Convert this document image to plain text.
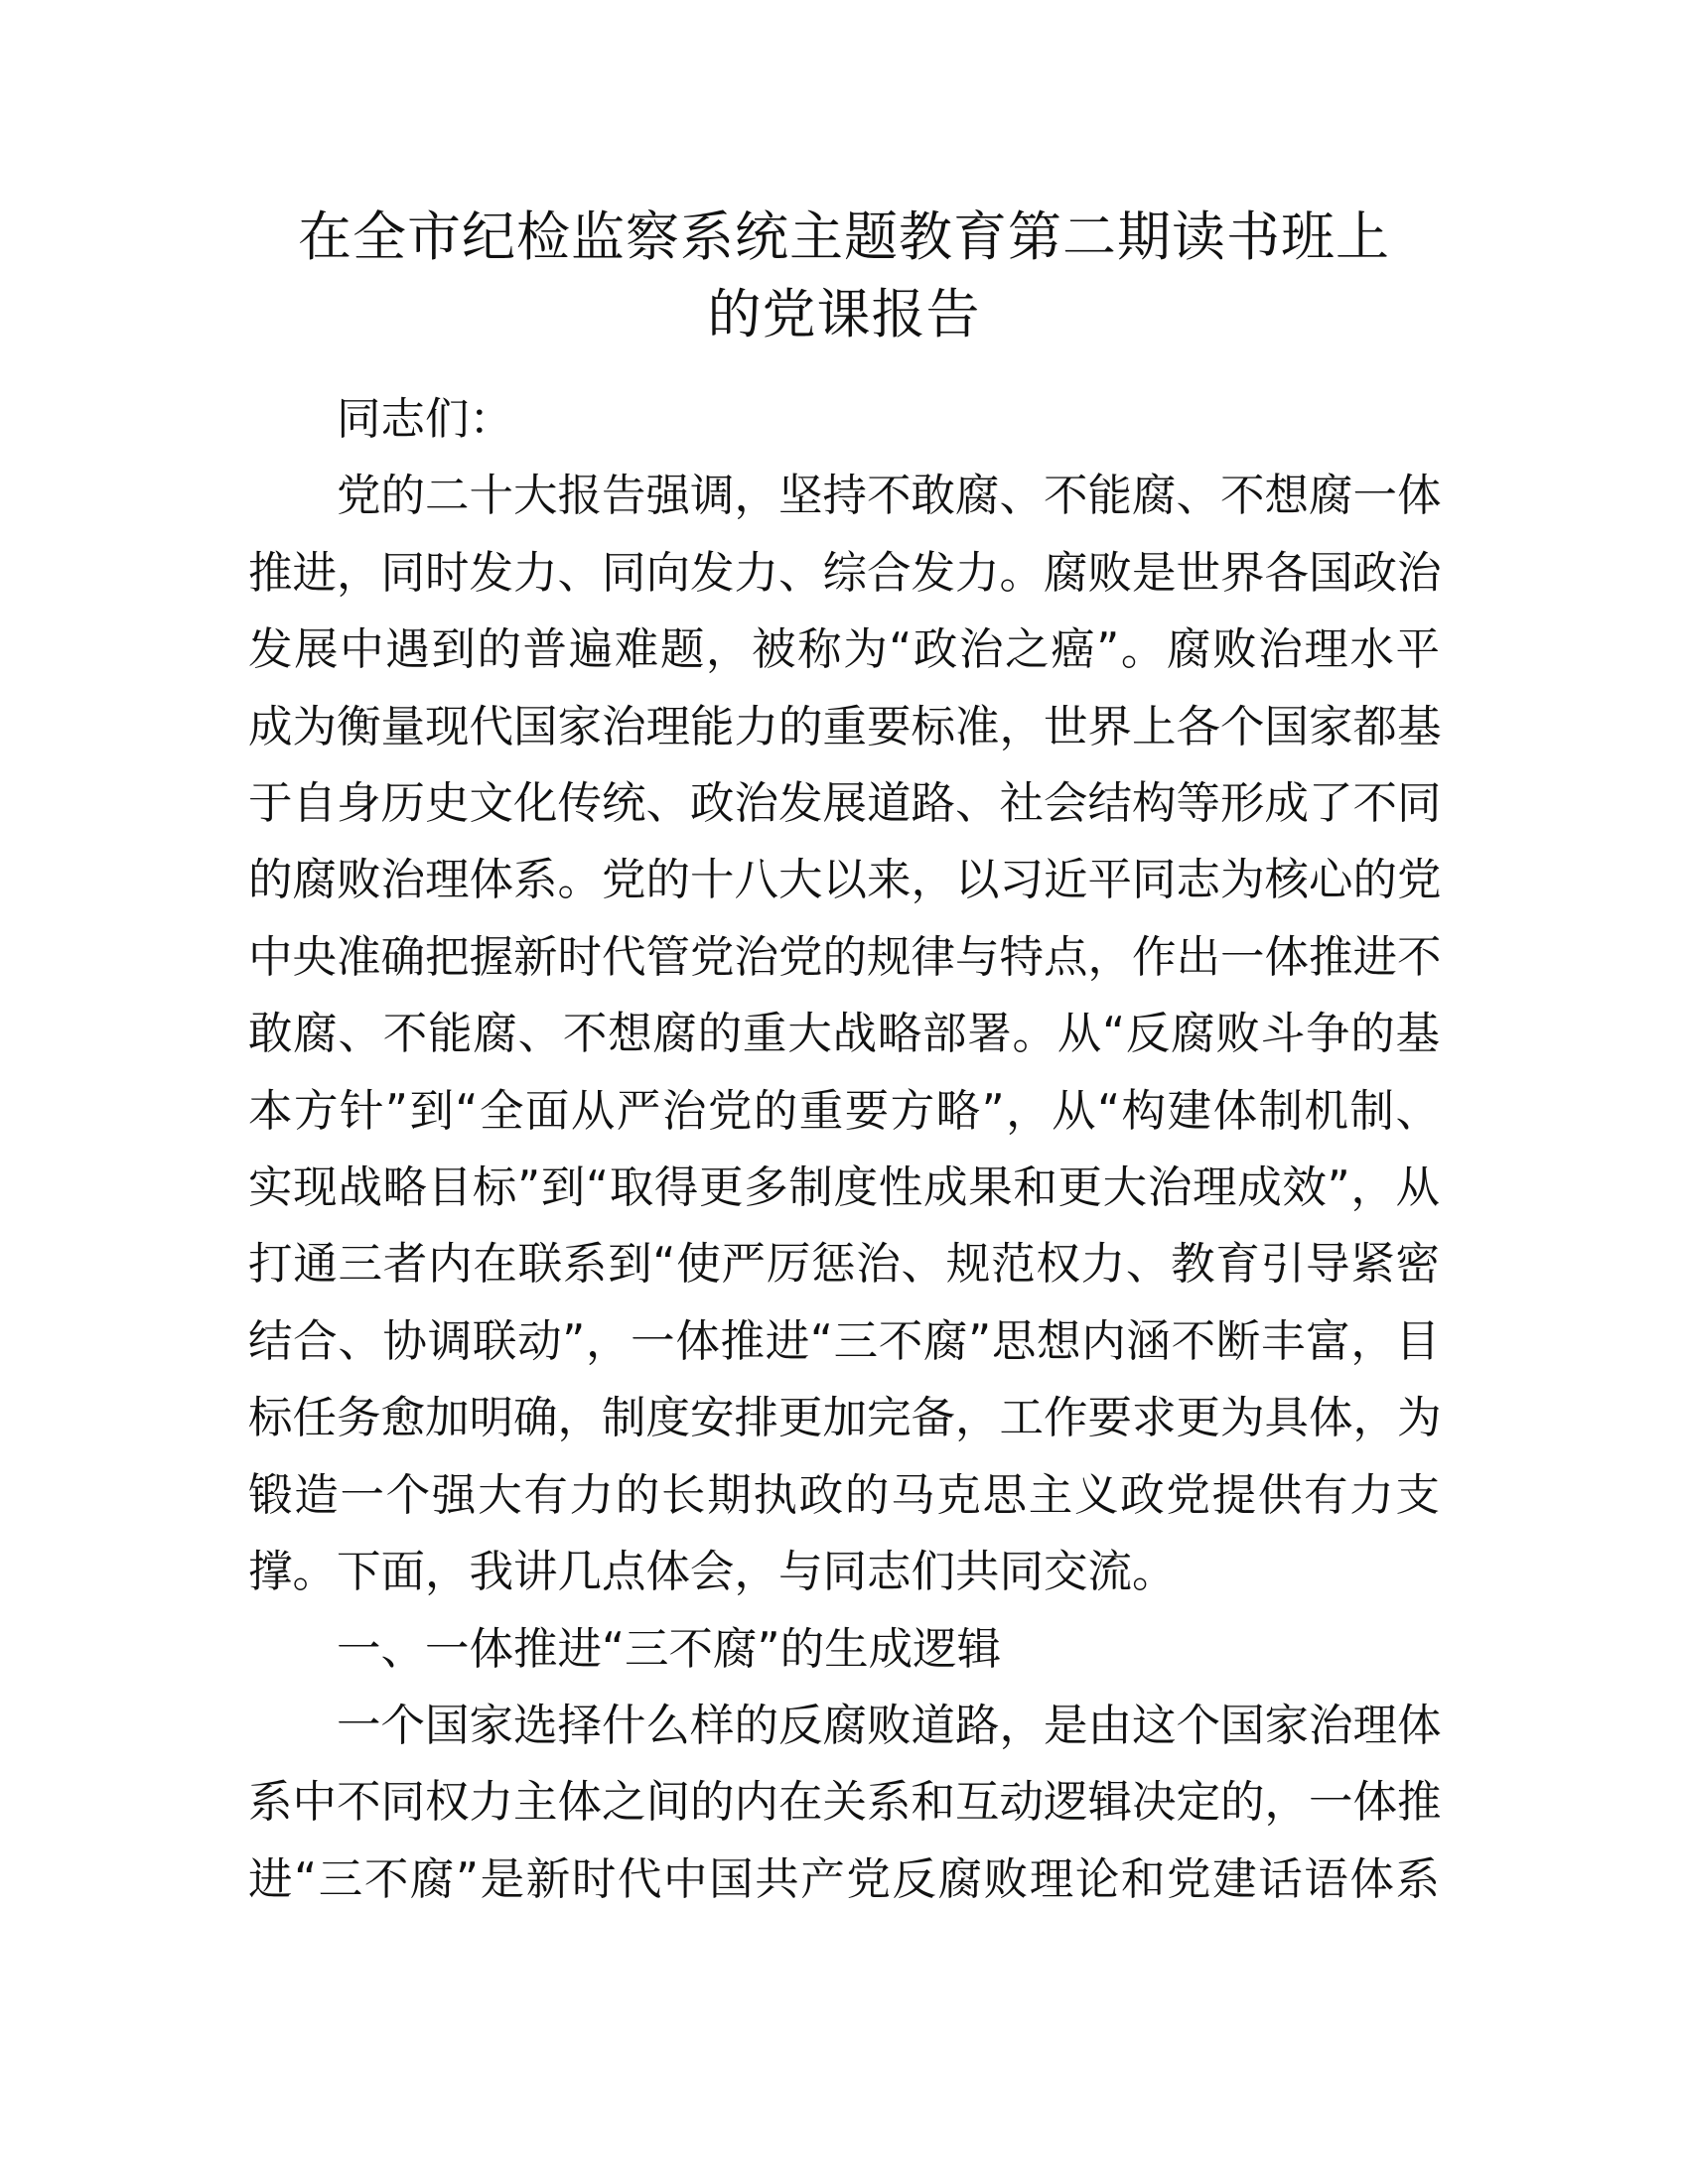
在全市纪检监察系统主题教育第二期读书班上
的党课报告

同志们：

党的二十大报告强调，坚持不敢腐、不能腐、不想腐一体
推进，同时发力、同向发力、综合发力。腐败是世界各国政治
发展中遇到的普遍难题，被称为“政治之癌”。腐败治理水平
成为衡量现代国家治理能力的重要标准，世界上各个国家都基
于自身历史文化传统、政治发展道路、社会结构等形成了不同
的腐败治理体系。党的十八大以来，以习近平同志为核心的党
中央准确把握新时代管党治党的规律与特点，作出一体推进不
敢腐、不能腐、不想腐的重大战略部署。从“反腐败斗争的基
本方针”到“全面从严治党的重要方略”，从“构建体制机制、
实现战略目标”到“取得更多制度性成果和更大治理成效”，从
打通三者内在联系到“使严厉惩治、规范权力、教育引导紧密
结合、协调联动”，一体推进“三不腐”思想内涵不断丰富，目
标任务愈加明确，制度安排更加完备，工作要求更为具体，为
锻造一个强大有力的长期执政的马克思主义政党提供有力支
撑。下面，我讲几点体会，与同志们共同交流。

一、一体推进“三不腐”的生成逻辑

一个国家选择什么样的反腐败道路，是由这个国家治理体
系中不同权力主体之间的内在关系和互动逻辑决定的，一体推
进“三不腐”是新时代中国共产党反腐败理论和党建话语体系
